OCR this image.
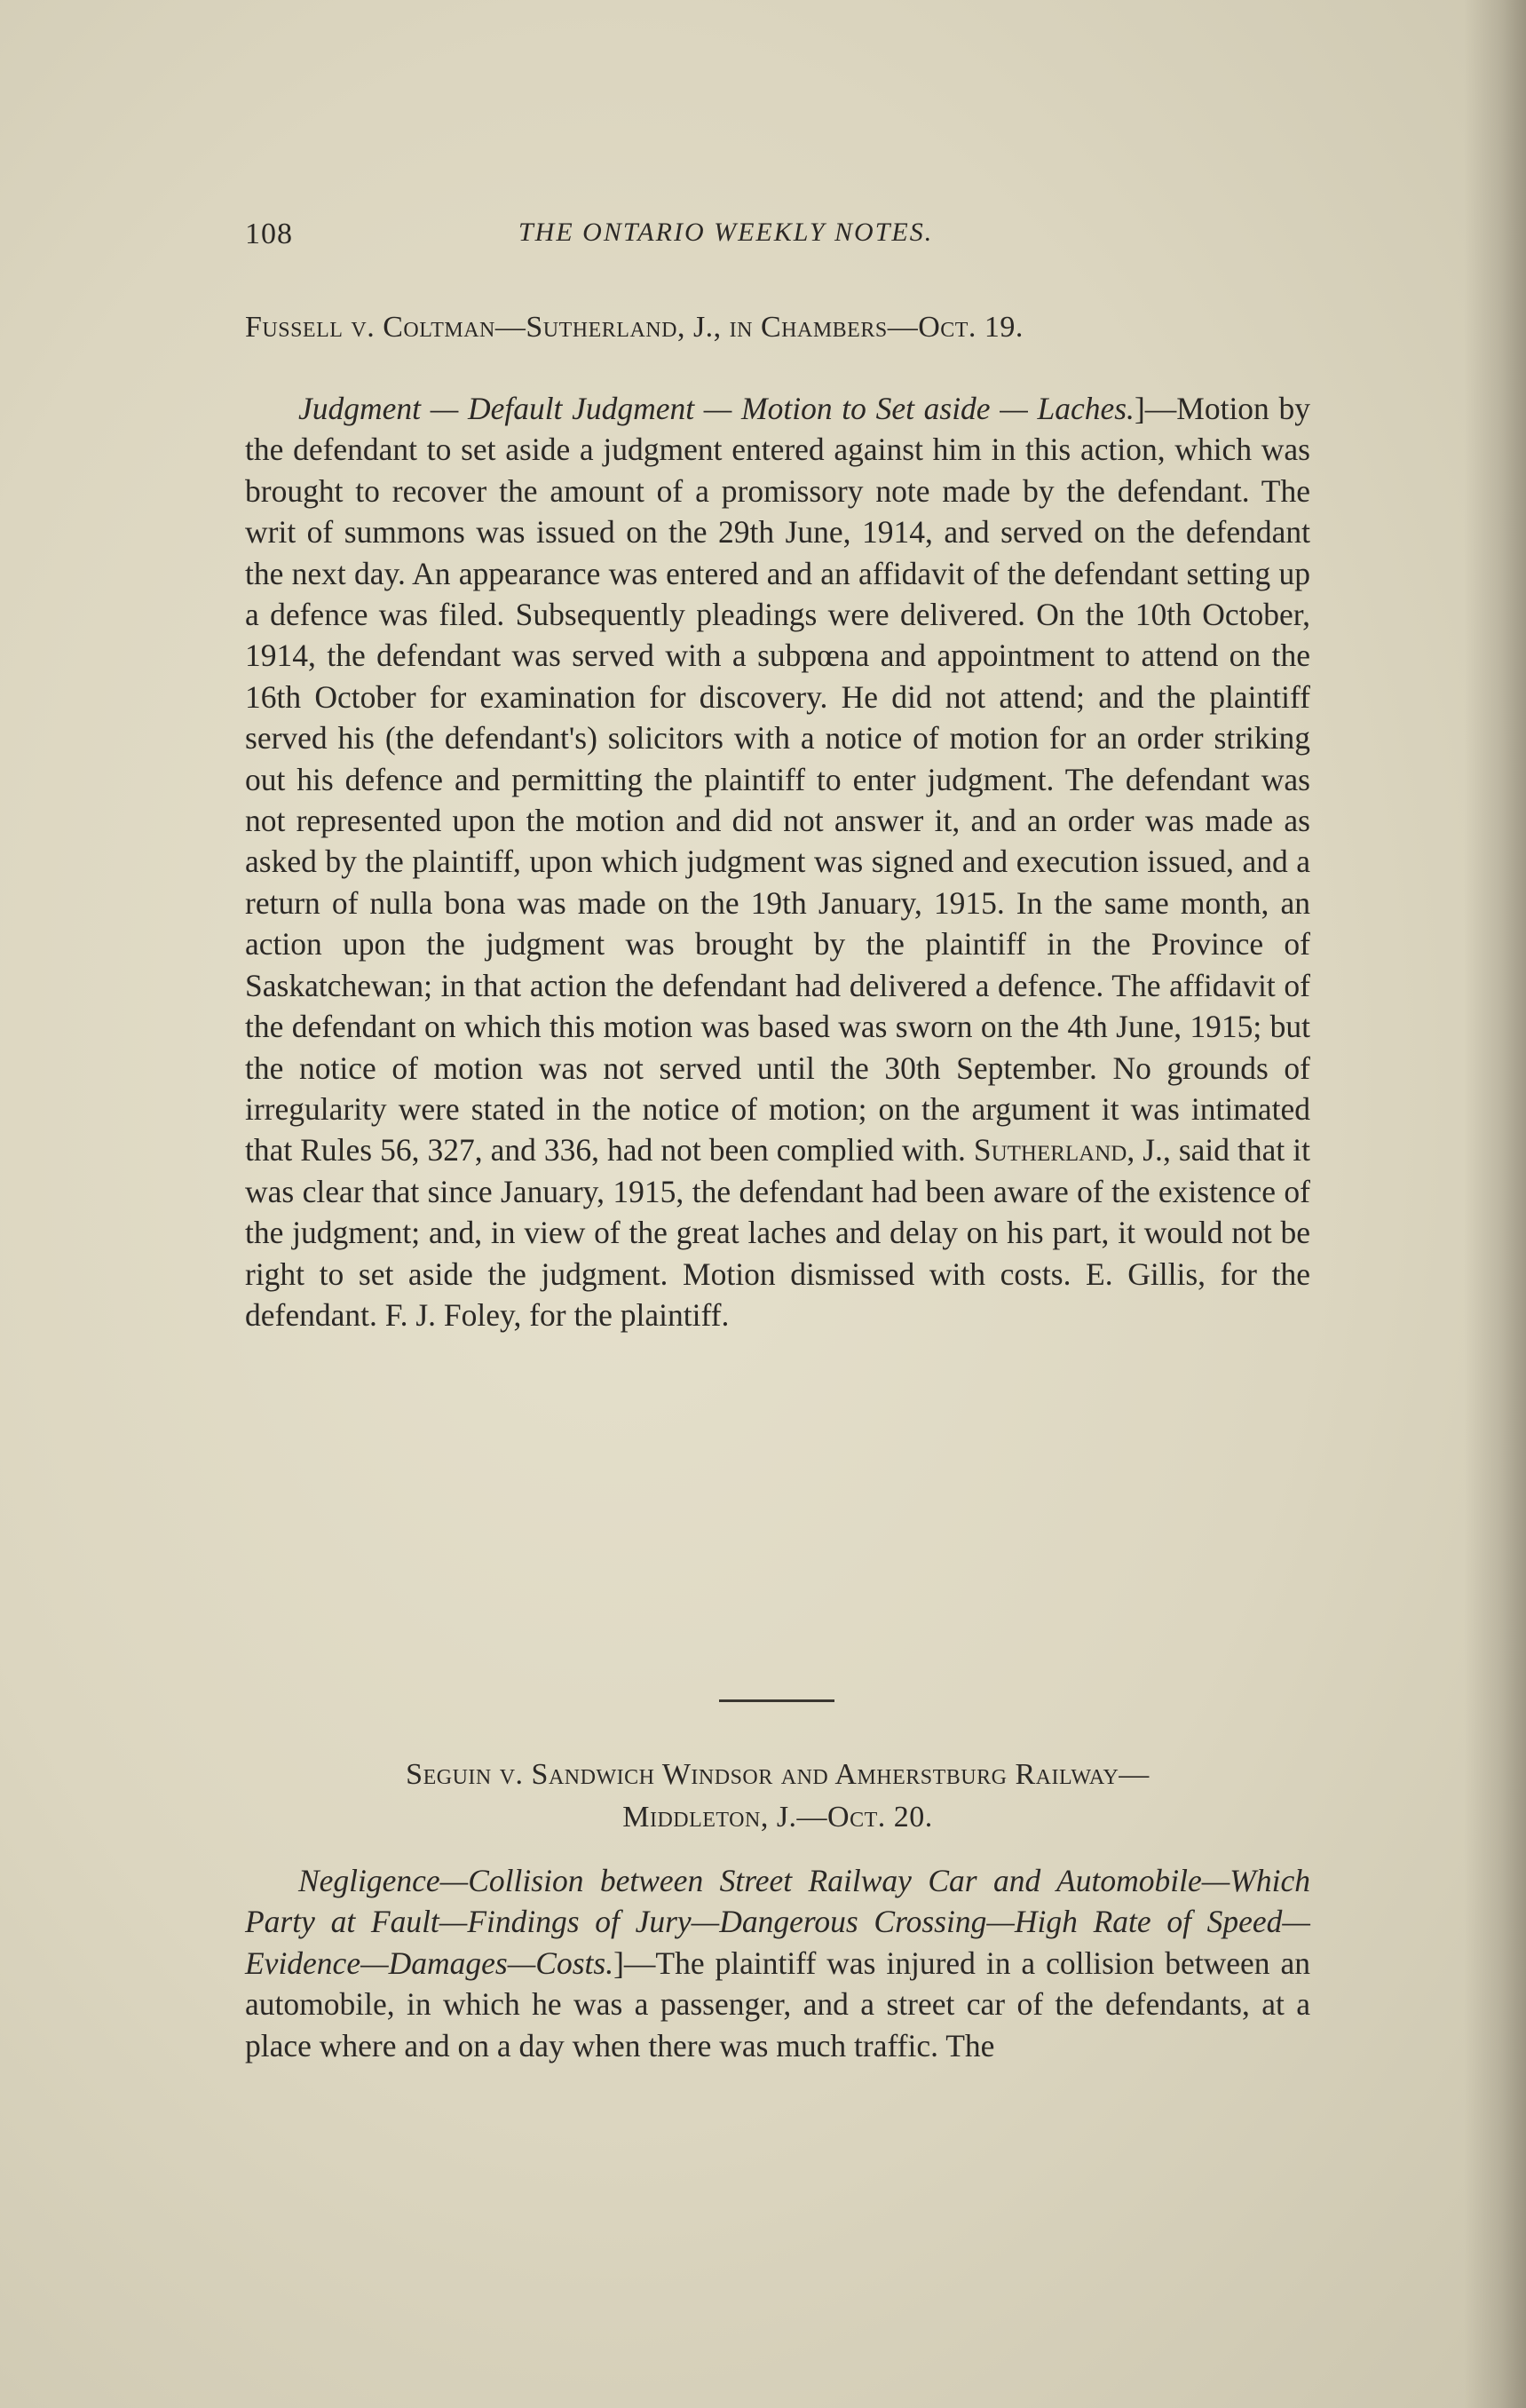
108	THE ONTARIO WEEKLY NOTES.
Fussell v. Coltman—Sutherland, J., in Chambers—Oct. 19.

Judgment — Default Judgment — Motion to Set aside — Laches.]—Motion by the defendant to set aside a judgment entered against him in this action, which was brought to recover the amount of a promissory note made by the defendant. The writ of summons was issued on the 29th June, 1914, and served on the defendant the next day. An appearance was entered and an affidavit of the defendant setting up a defence was filed. Subsequently pleadings were delivered. On the 10th October, 1914, the defendant was served with a subpœna and appointment to attend on the 16th October for examination for discovery. He did not attend; and the plaintiff served his (the defendant's) solicitors with a notice of motion for an order striking out his defence and permitting the plaintiff to enter judgment. The defendant was not represented upon the motion and did not answer it, and an order was made as asked by the plaintiff, upon which judgment was signed and execution issued, and a return of nulla bona was made on the 19th January, 1915. In the same month, an action upon the judgment was brought by the plaintiff in the Province of Saskatchewan; in that action the defendant had delivered a defence. The affidavit of the defendant on which this motion was based was sworn on the 4th June, 1915; but the notice of motion was not served until the 30th September. No grounds of irregularity were stated in the notice of motion; on the argument it was intimated that Rules 56, 327, and 336, had not been complied with. Sutherland, J., said that it was clear that since January, 1915, the defendant had been aware of the existence of the judgment; and, in view of the great laches and delay on his part, it would not be right to set aside the judgment. Motion dismissed with costs. E. Gillis, for the defendant. F. J. Foley, for the plaintiff.

Seguin v. Sandwich Windsor and Amherstburg Railway—
Middleton, J.—Oct. 20.

Negligence—Collision between Street Railway Car and Automobile—Which Party at Fault—Findings of Jury—Dangerous Crossing—High Rate of Speed—Evidence—Damages—Costs.]—The plaintiff was injured in a collision between an automobile, in which he was a passenger, and a street car of the defendants, at a place where and on a day when there was much traffic. The
